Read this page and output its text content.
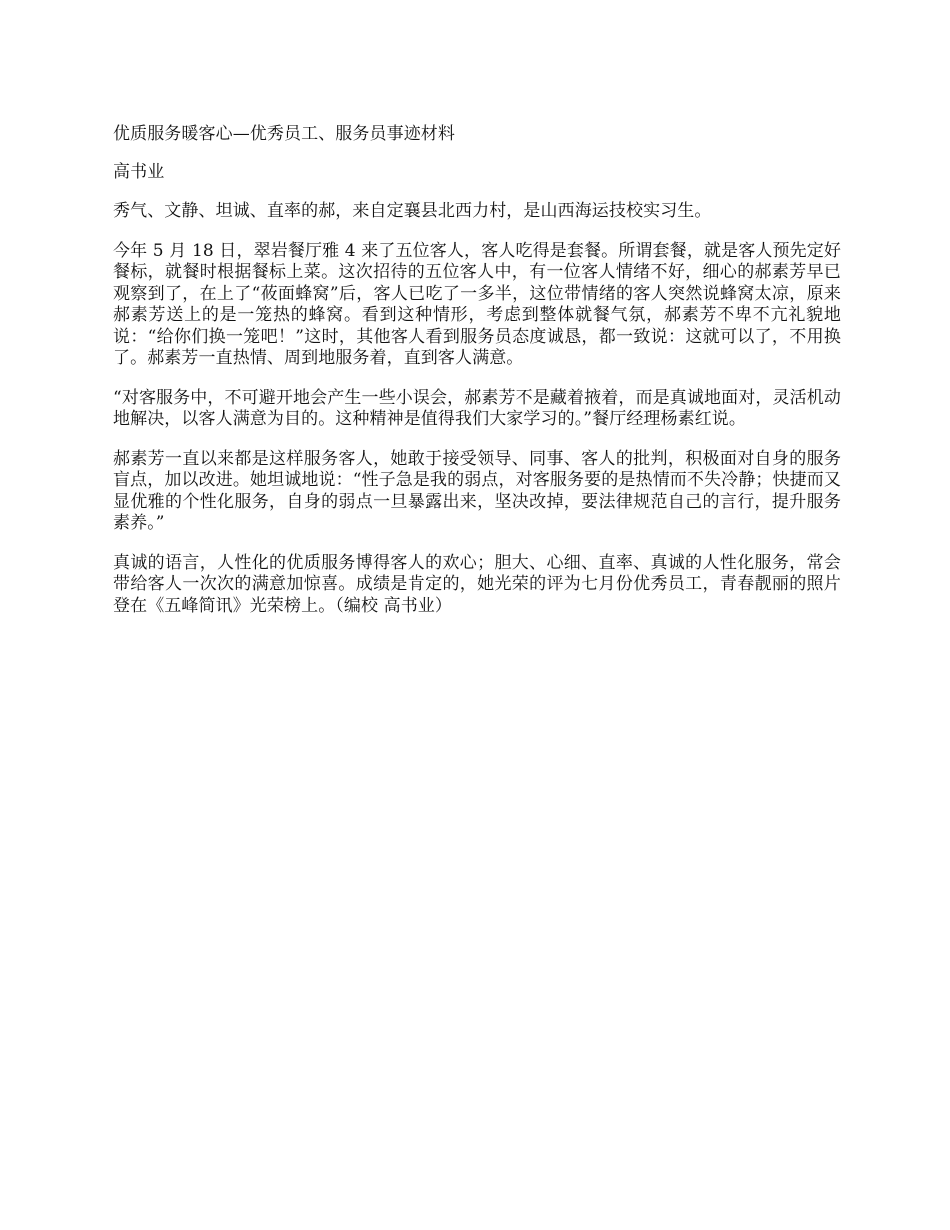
优质服务暖客心—优秀员工、服务员事迹材料

高书业

秀气、文静、坦诚、直率的郝，来自定襄县北西力村，是山西海运技校实习生。

今年 5 月 18 日，翠岩餐厅雅 4 来了五位客人，客人吃得是套餐。所谓套餐，就是客人预先定好餐标，就餐时根据餐标上菜。这次招待的五位客人中，有一位客人情绪不好，细心的郝素芳早已观察到了，在上了“莜面蜂窝”后，客人已吃了一多半，这位带情绪的客人突然说蜂窝太凉，原来郝素芳送上的是一笼热的蜂窝。看到这种情形，考虑到整体就餐气氛，郝素芳不卑不亢礼貌地说：“给你们换一笼吧！”这时，其他客人看到服务员态度诚恳，都一致说：这就可以了，不用换了。郝素芳一直热情、周到地服务着，直到客人满意。

“对客服务中，不可避开地会产生一些小误会，郝素芳不是藏着掖着，而是真诚地面对，灵活机动地解决，以客人满意为目的。这种精神是值得我们大家学习的。”餐厅经理杨素红说。

郝素芳一直以来都是这样服务客人，她敢于接受领导、同事、客人的批判，积极面对自身的服务盲点，加以改进。她坦诚地说：“性子急是我的弱点，对客服务要的是热情而不失冷静；快捷而又显优雅的个性化服务，自身的弱点一旦暴露出来，坚决改掉，要法律规范自己的言行，提升服务素养。”

真诚的语言，人性化的优质服务博得客人的欢心；胆大、心细、直率、真诚的人性化服务，常会带给客人一次次的满意加惊喜。成绩是肯定的，她光荣的评为七月份优秀员工，青春靓丽的照片登在《五峰简讯》光荣榜上。（编校 高书业）
